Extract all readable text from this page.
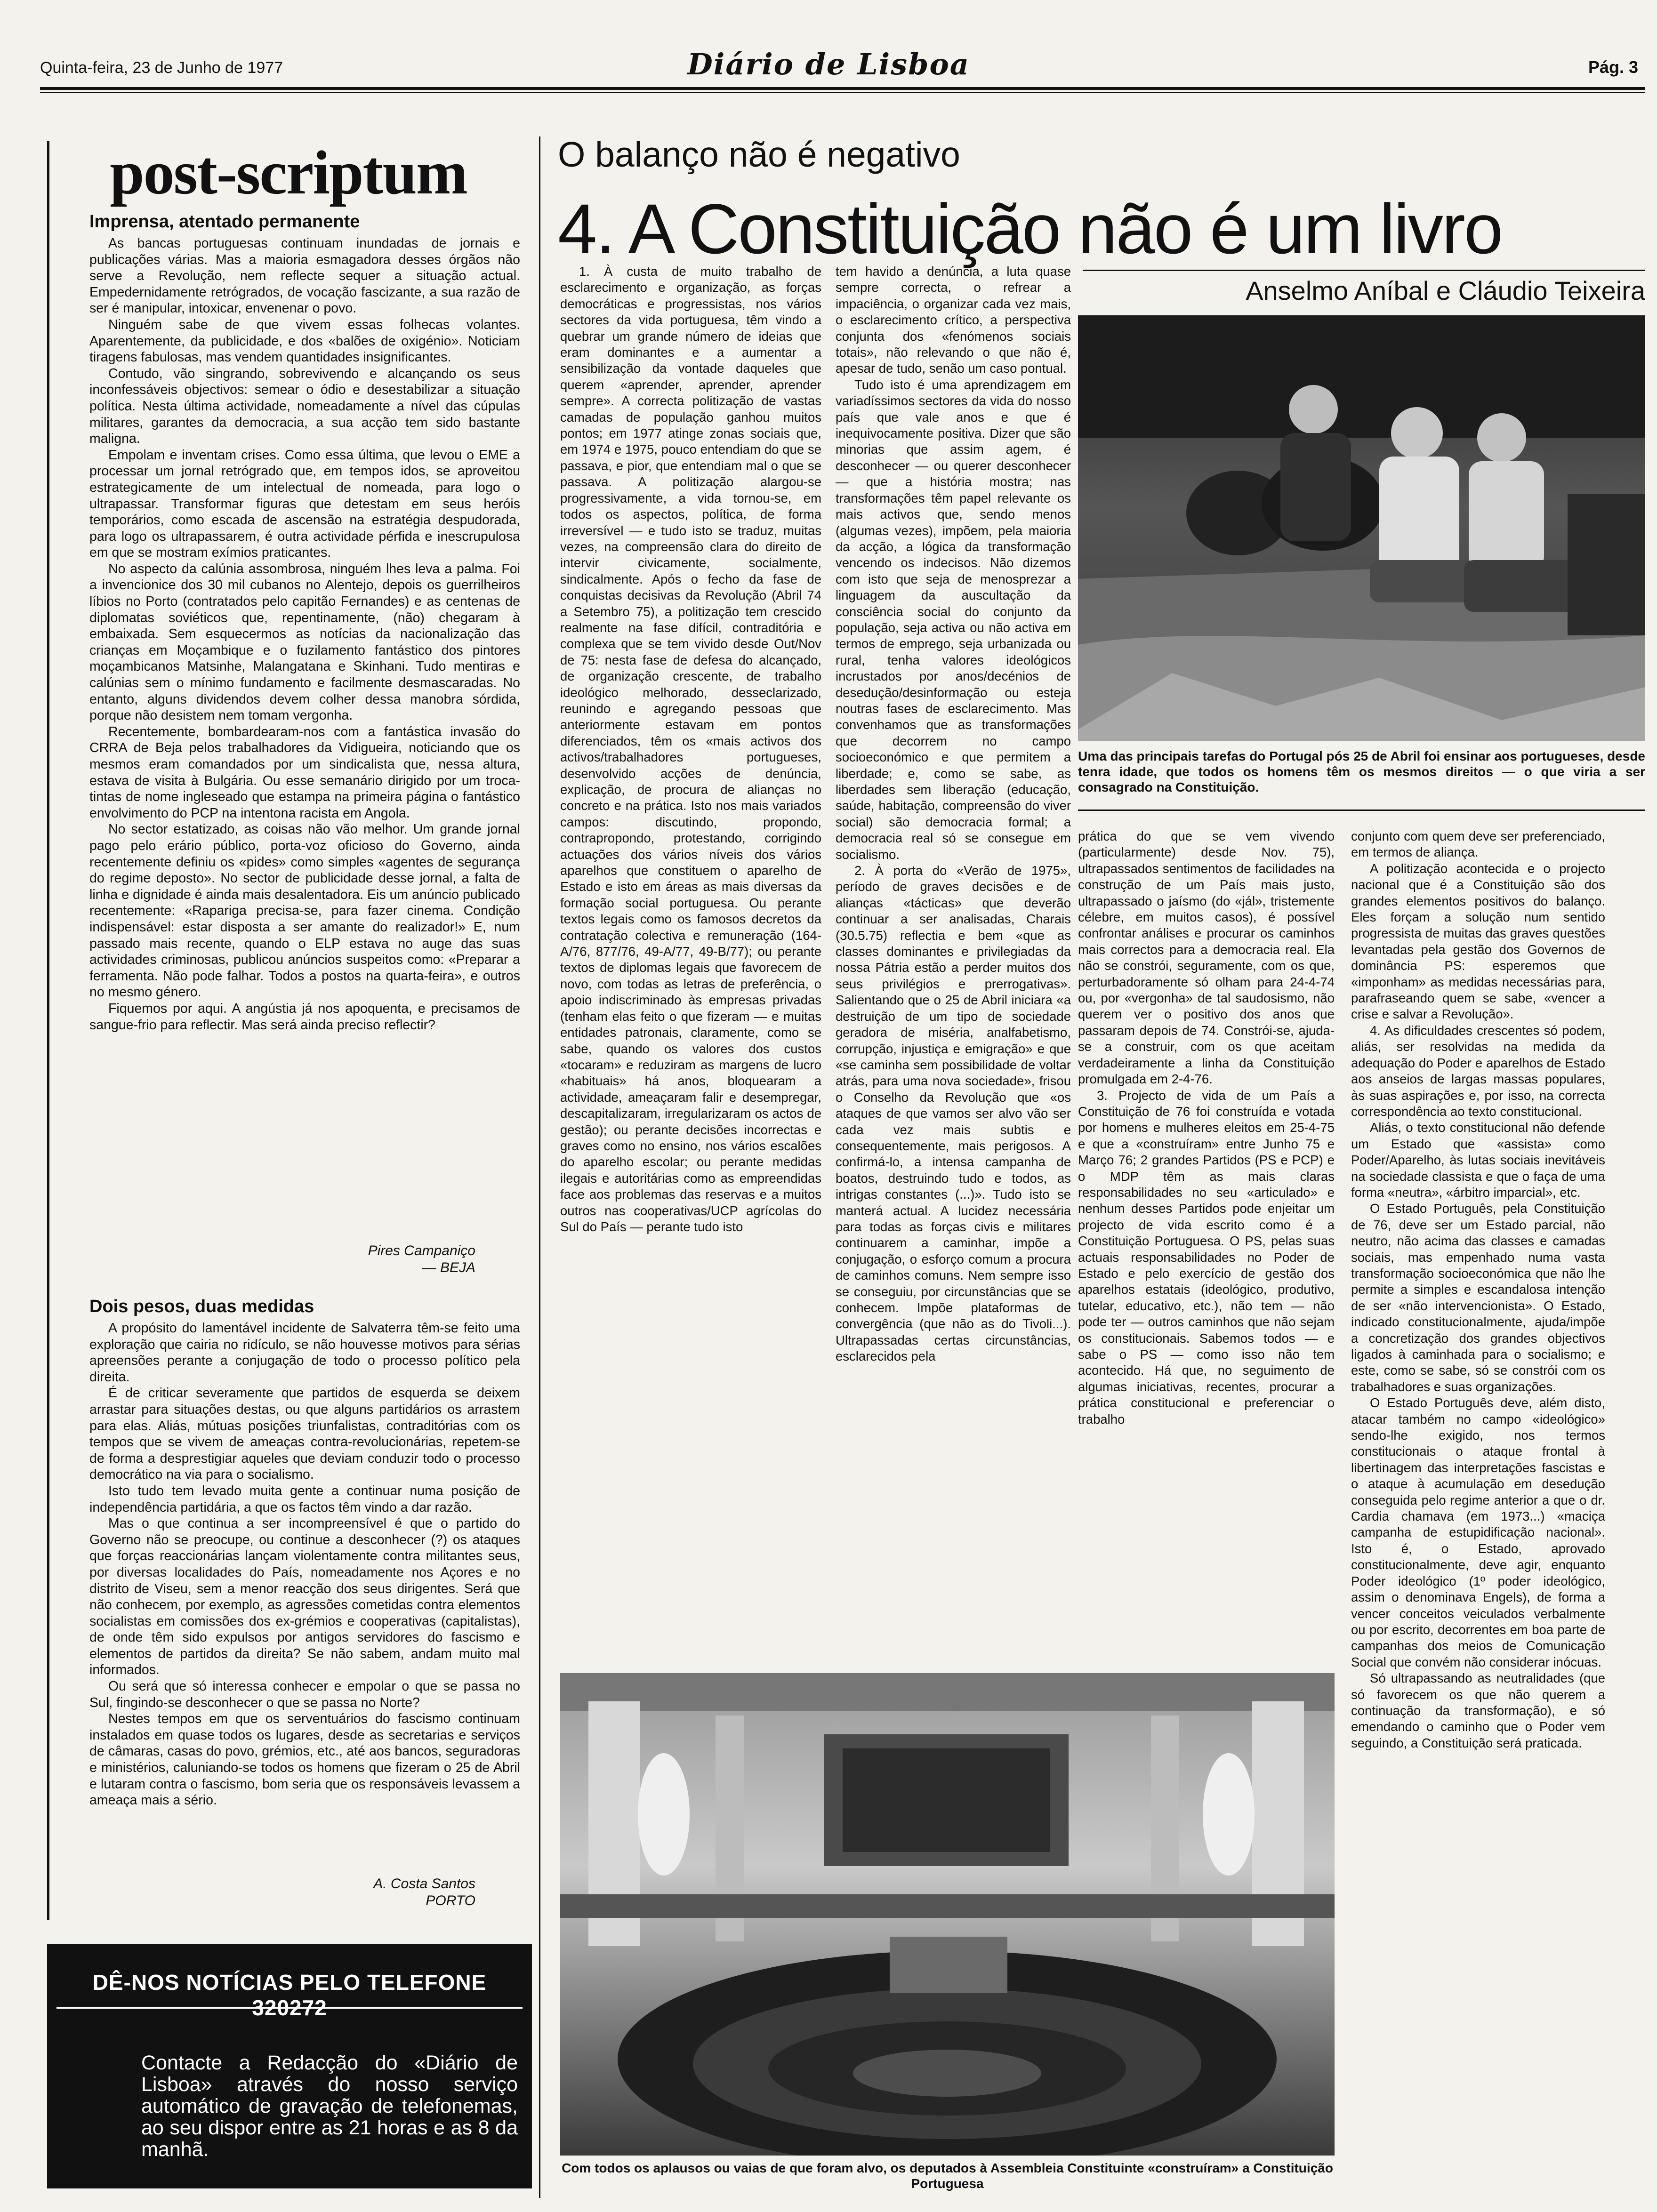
Quinta-feira, 23 de Junho de 1977	Diário de Lisboa	Pág. 3
post-scriptum
Imprensa, atentado permanente

As bancas portuguesas continuam inundadas de jornais e publicações várias. Mas a maioria esmagadora desses órgãos não serve a Revolução, nem reflecte sequer a situação actual. Empedernidamente retrógrados, de vocação fascizante, a sua razão de ser é manipular, intoxicar, envenenar o povo.

Ninguém sabe de que vivem essas folhecas volantes. Aparentemente, da publicidade, e dos «balões de oxigénio». Noticiam tiragens fabulosas, mas vendem quantidades insignificantes.

Contudo, vão singrando, sobrevivendo e alcançando os seus inconfessáveis objectivos: semear o ódio e desestabilizar a situação política. Nesta última actividade, nomeadamente a nível das cúpulas militares, garantes da democracia, a sua acção tem sido bastante maligna.

Empolam e inventam crises. Como essa última, que levou o EME a processar um jornal retrógrado que, em tempos idos, se aproveitou estrategicamente de um intelectual de nomeada, para logo o ultrapassar. Transformar figuras que detestam em seus heróis temporários, como escada de ascensão na estratégia despudorada, para logo os ultrapassarem, é outra actividade pérfida e inescrupulosa em que se mostram exímios praticantes.

No aspecto da calúnia assombrosa, ninguém lhes leva a palma. Foi a invencionice dos 30 mil cubanos no Alentejo, depois os guerrilheiros líbios no Porto (contratados pelo capitão Fernandes) e as centenas de diplomatas soviéticos que, repentinamente, (não) chegaram à embaixada. Sem esquecermos as notícias da nacionalização das crianças em Moçambique e o fuzilamento fantástico dos pintores moçambicanos Matsinhe, Malangatana e Skinhani. Tudo mentiras e calúnias sem o mínimo fundamento e facilmente desmascaradas. No entanto, alguns dividendos devem colher dessa manobra sórdida, porque não desistem nem tomam vergonha.

Recentemente, bombardearam-nos com a fantástica invasão do CRRA de Beja pelos trabalhadores da Vidigueira, noticiando que os mesmos eram comandados por um sindicalista que, nessa altura, estava de visita à Bulgária. Ou esse semanário dirigido por um troca-tintas de nome ingleseado que estampa na primeira página o fantástico envolvimento do PCP na intentona racista em Angola.

No sector estatizado, as coisas não vão melhor. Um grande jornal pago pelo erário público, porta-voz oficioso do Governo, ainda recentemente definiu os «pides» como simples «agentes de segurança do regime deposto». No sector de publicidade desse jornal, a falta de linha e dignidade é ainda mais desalentadora. Eis um anúncio publicado recentemente: «Rapariga precisa-se, para fazer cinema. Condição indispensável: estar disposta a ser amante do realizador!» E, num passado mais recente, quando o ELP estava no auge das suas actividades criminosas, publicou anúncios suspeitos como: «Preparar a ferramenta. Não pode falhar. Todos a postos na quarta-feira», e outros no mesmo género.

Fiquemos por aqui. A angústia já nos apoquenta, e precisamos de sangue-frio para reflectir. Mas será ainda preciso reflectir?

Pires Campaniço
— BEJA
Dois pesos, duas medidas

A propósito do lamentável incidente de Salvaterra têm-se feito uma exploração que cairia no ridículo, se não houvesse motivos para sérias apreensões perante a conjugação de todo o processo político pela direita.

É de criticar severamente que partidos de esquerda se deixem arrastar para situações destas, ou que alguns partidários os arrastem para elas. Aliás, mútuas posições triunfalistas, contraditórias com os tempos que se vivem de ameaças contra-revolucionárias, repetem-se de forma a desprestigiar aqueles que deviam conduzir todo o processo democrático na via para o socialismo.

Isto tudo tem levado muita gente a continuar numa posição de independência partidária, a que os factos têm vindo a dar razão.

Mas o que continua a ser incompreensível é que o partido do Governo não se preocupe, ou continue a desconhecer (?) os ataques que forças reaccionárias lançam violentamente contra militantes seus, por diversas localidades do País, nomeadamente nos Açores e no distrito de Viseu, sem a menor reacção dos seus dirigentes. Será que não conhecem, por exemplo, as agressões cometidas contra elementos socialistas em comissões dos ex-grémios e cooperativas (capitalistas), de onde têm sido expulsos por antigos servidores do fascismo e elementos de partidos da direita? Se não sabem, andam muito mal informados.

Ou será que só interessa conhecer e empolar o que se passa no Sul, fingindo-se desconhecer o que se passa no Norte?

Nestes tempos em que os serventuários do fascismo continuam instalados em quase todos os lugares, desde as secretarias e serviços de câmaras, casas do povo, grémios, etc., até aos bancos, seguradoras e ministérios, caluniando-se todos os homens que fizeram o 25 de Abril e lutaram contra o fascismo, bom seria que os responsáveis levassem a ameaça mais a sério.

A. Costa Santos
PORTO
DÊ-NOS NOTÍCIAS PELO TELEFONE 320272
Contacte a Redacção do «Diário de Lisboa» através do nosso serviço automático de gravação de telefonemas, ao seu dispor entre as 21 horas e as 8 da manhã.
O balanço não é negativo
4. A Constituição não é um livro
Anselmo Aníbal e Cláudio Teixeira

1. À custa de muito trabalho de esclarecimento e organização, as forças democráticas e progressistas, nos vários sectores da vida portuguesa, têm vindo a quebrar um grande número de ideias que eram dominantes e a aumentar a sensibilização da vontade daqueles que querem «aprender, aprender, aprender sempre». A correcta politização de vastas camadas de população ganhou muitos pontos; em 1977 atinge zonas sociais que, em 1974 e 1975, pouco entendiam do que se passava, e pior, que entendiam mal o que se passava. A politização alargou-se progressivamente, a vida tornou-se, em todos os aspectos, política, de forma irreversível — e tudo isto se traduz, muitas vezes, na compreensão clara do direito de intervir civicamente, socialmente, sindicalmente. Após o fecho da fase de conquistas decisivas da Revolução (Abril 74 a Setembro 75), a politização tem crescido realmente na fase difícil, contraditória e complexa que se tem vivido desde Out/Nov de 75: nesta fase de defesa do alcançado, de organização crescente, de trabalho ideológico melhorado, desseclarizado, reunindo e agregando pessoas que anteriormente estavam em pontos diferenciados, têm os «mais activos dos activos/trabalhadores portugueses, desenvolvido acções de denúncia, explicação, de procura de alianças no concreto e na prática. Isto nos mais variados campos: discutindo, propondo, contrapropondo, protestando, corrigindo actuações dos vários níveis dos vários aparelhos que constituem o aparelho de Estado e isto em áreas as mais diversas da formação social portuguesa. Ou perante textos legais como os famosos decretos da contratação colectiva e remuneração (164-A/76, 877/76, 49-A/77, 49-B/77); ou perante textos de diplomas legais que favorecem de novo, com todas as letras de preferência, o apoio indiscriminado às empresas privadas (tenham elas feito o que fizeram — e muitas entidades patronais, claramente, como se sabe, quando os valores dos custos «tocaram» e reduziram as margens de lucro «habituais» há anos, bloquearam a actividade, ameaçaram falir e desempregar, descapitalizaram, irregularizaram os actos de gestão); ou perante decisões incorrectas e graves como no ensino, nos vários escalões do aparelho escolar; ou perante medidas ilegais e autoritárias como as empreendidas face aos problemas das reservas e a muitos outros nas cooperativas/UCP agrícolas do Sul do País — perante tudo isto

tem havido a denúncia, a luta quase sempre correcta, o refrear a impaciência, o organizar cada vez mais, o esclarecimento crítico, a perspectiva conjunta dos «fenómenos sociais totais», não relevando o que não é, apesar de tudo, senão um caso pontual.

Tudo isto é uma aprendizagem em variadíssimos sectores da vida do nosso país que vale anos e que é inequivocamente positiva. Dizer que são minorias que assim agem, é desconhecer — ou querer desconhecer — que a história mostra; nas transformações têm papel relevante os mais activos que, sendo menos (algumas vezes), impõem, pela maioria da acção, a lógica da transformação vencendo os indecisos. Não dizemos com isto que seja de menosprezar a linguagem da auscultação da consciência social do conjunto da população, seja activa ou não activa em termos de emprego, seja urbanizada ou rural, tenha valores ideológicos incrustados por anos/decénios de desedução/desinformação ou esteja noutras fases de esclarecimento. Mas convenhamos que as transformações que decorrem no campo socioeconómico e que permitem a liberdade; e, como se sabe, as liberdades sem liberação (educação, saúde, habitação, compreensão do viver social) são democracia formal; a democracia real só se consegue em socialismo.

2. À porta do «Verão de 1975», período de graves decisões e de alianças «tácticas» que deverão continuar a ser analisadas, Charais (30.5.75) reflectia e bem «que as classes dominantes e privilegiadas da nossa Pátria estão a perder muitos dos seus privilégios e prerrogativas». Salientando que o 25 de Abril iniciara «a destruição de um tipo de sociedade geradora de miséria, analfabetismo, corrupção, injustiça e emigração» e que «se caminha sem possibilidade de voltar atrás, para uma nova sociedade», frisou o Conselho da Revolução que «os ataques de que vamos ser alvo vão ser cada vez mais subtis e consequentemente, mais perigosos. A confirmá-lo, a intensa campanha de boatos, destruindo tudo e todos, as intrigas constantes (...)». Tudo isto se manterá actual. A lucidez necessária para todas as forças civis e militares continuarem a caminhar, impõe a conjugação, o esforço comum a procura de caminhos comuns. Nem sempre isso se conseguiu, por circunstâncias que se conhecem. Impõe plataformas de convergência (que não as do Tivoli...). Ultrapassadas certas circunstâncias, esclarecidos pela

Uma das principais tarefas do Portugal pós 25 de Abril foi ensinar aos portugueses, desde tenra idade, que todos os homens têm os mesmos direitos — o que viria a ser consagrado na Constituição.

prática do que se vem vivendo (particularmente) desde Nov. 75), ultrapassados sentimentos de facilidades na construção de um País mais justo, ultrapassado o jaísmo (do «jál», tristemente célebre, em muitos casos), é possível confrontar análises e procurar os caminhos mais correctos para a democracia real. Ela não se constrói, seguramente, com os que, perturbadoramente só olham para 24-4-74 ou, por «vergonha» de tal saudosismo, não querem ver o positivo dos anos que passaram depois de 74. Constrói-se, ajuda-se a construir, com os que aceitam verdadeiramente a linha da Constituição promulgada em 2-4-76.

3. Projecto de vida de um País a Constituição de 76 foi construída e votada por homens e mulheres eleitos em 25-4-75 e que a «construíram» entre Junho 75 e Março 76; 2 grandes Partidos (PS e PCP) e o MDP têm as mais claras responsabilidades no seu «articulado» e nenhum desses Partidos pode enjeitar um projecto de vida escrito como é a Constituição Portuguesa. O PS, pelas suas actuais responsabilidades no Poder de Estado e pelo exercício de gestão dos aparelhos estatais (ideológico, produtivo, tutelar, educativo, etc.), não tem — não pode ter — outros caminhos que não sejam os constitucionais. Sabemos todos — e sabe o PS — como isso não tem acontecido. Há que, no seguimento de algumas iniciativas, recentes, procurar a prática constitucional e preferenciar o trabalho

conjunto com quem deve ser preferenciado, em termos de aliança.

A politização acontecida e o projecto nacional que é a Constituição são dos grandes elementos positivos do balanço. Eles forçam a solução num sentido progressista de muitas das graves questões levantadas pela gestão dos Governos de dominância PS: esperemos que «imponham» as medidas necessárias para, parafraseando quem se sabe, «vencer a crise e salvar a Revolução».

4. As dificuldades crescentes só podem, aliás, ser resolvidas na medida da adequação do Poder e aparelhos de Estado aos anseios de largas massas populares, às suas aspirações e, por isso, na correcta correspondência ao texto constitucional.

Aliás, o texto constitucional não defende um Estado que «assista» como Poder/Aparelho, às lutas sociais inevitáveis na sociedade classista e que o faça de uma forma «neutra», «árbitro imparcial», etc.

O Estado Português, pela Constituição de 76, deve ser um Estado parcial, não neutro, não acima das classes e camadas sociais, mas empenhado numa vasta transformação socioeconómica que não lhe permite a simples e escandalosa intenção de ser «não intervencionista». O Estado, indicado constitucionalmente, ajuda/impõe a concretização dos grandes objectivos ligados à caminhada para o socialismo; e este, como se sabe, só se constrói com os trabalhadores e suas organizações.

O Estado Português deve, além disto, atacar também no campo «ideológico» sendo-lhe exigido, nos termos constitucionais o ataque frontal à libertinagem das interpretações fascistas e o ataque à acumulação em desedução conseguida pelo regime anterior a que o dr. Cardia chamava (em 1973...) «maciça campanha de estupidificação nacional». Isto é, o Estado, aprovado constitucionalmente, deve agir, enquanto Poder ideológico (1º poder ideológico, assim o denominava Engels), de forma a vencer conceitos veiculados verbalmente ou por escrito, decorrentes em boa parte de campanhas dos meios de Comunicação Social que convém não considerar inócuas.

Só ultrapassando as neutralidades (que só favorecem os que não querem a continuação da transformação), e só emendando o caminho que o Poder vem seguindo, a Constituição será praticada.

Com todos os aplausos ou vaias de que foram alvo, os deputados à Assembleia Constituinte «construíram» a Constituição Portuguesa
